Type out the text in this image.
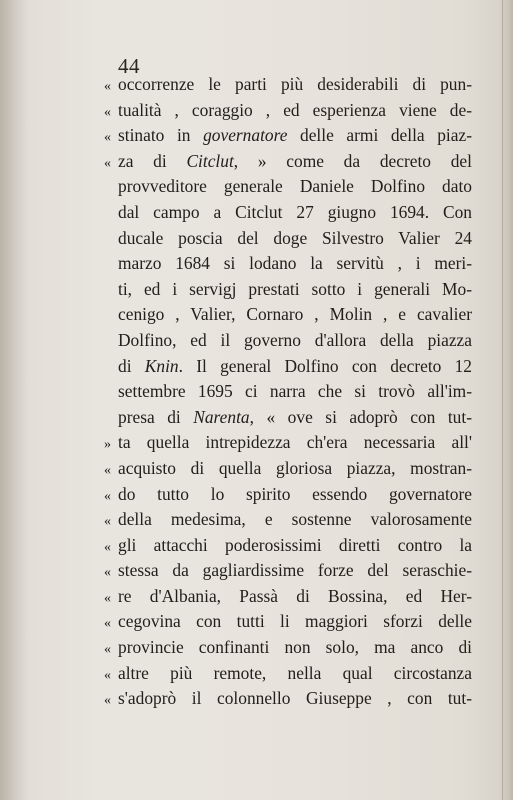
44
« occorrenze le parti più desiderabili di pun-
« tualità , coraggio , ed esperienza viene de-
« stinato in governatore delle armi della piaz-
« za di Citclut, » come da decreto del
provveditore generale Daniele Dolfino dato
dal campo a Citclut 27 giugno 1694. Con
ducale poscia del doge Silvestro Valier 24
marzo 1684 si lodano la servitù , i meri-
ti, ed i servigj prestati sotto i generali Mo-
cenigo , Valier, Cornaro , Molin , e cavalier
Dolfino, ed il governo d'allora della piazza
di Knin. Il general Dolfino con decreto 12
settembre 1695 ci narra che si trovò all'im-
presa di Narenta, « ove si adoprò con tut-
» ta quella intrepidezza ch'era necessaria all'
« acquisto di quella gloriosa piazza, mostran-
« do tutto lo spirito essendo governatore
« della medesima, e sostenne valorosamente
« gli attacchi poderosissimi diretti contro la
« stessa da gagliardissime forze del seraschie-
« re d'Albania, Passà di Bossina, ed Her-
« cegovina con tutti li maggiori sforzi delle
« provincie confinanti non solo, ma anco di
« altre più remote, nella qual circostanza
« s'adoprò il colonnello Giuseppe , con tut-
